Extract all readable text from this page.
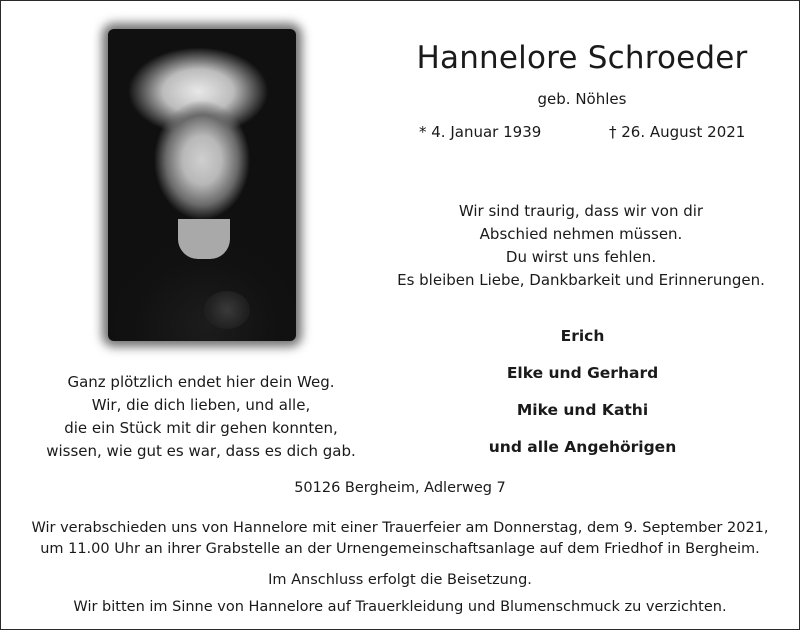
Hannelore Schroeder
geb. Nöhles
* 4. Januar 1939	† 26. August 2021
Wir sind traurig, dass wir von dir
Abschied nehmen müssen.
Du wirst uns fehlen.
Es bleiben Liebe, Dankbarkeit und Erinnerungen.
Erich
Elke und Gerhard
Mike und Kathi
und alle Angehörigen
Ganz plötzlich endet hier dein Weg.
Wir, die dich lieben, und alle,
die ein Stück mit dir gehen konnten,
wissen, wie gut es war, dass es dich gab.
50126 Bergheim, Adlerweg 7
Wir verabschieden uns von Hannelore mit einer Trauerfeier am Donnerstag, dem 9. September 2021,
um 11.00 Uhr an ihrer Grabstelle an der Urnengemeinschaftsanlage auf dem Friedhof in Bergheim.
Im Anschluss erfolgt die Beisetzung.
Wir bitten im Sinne von Hannelore auf Trauerkleidung und Blumenschmuck zu verzichten.
